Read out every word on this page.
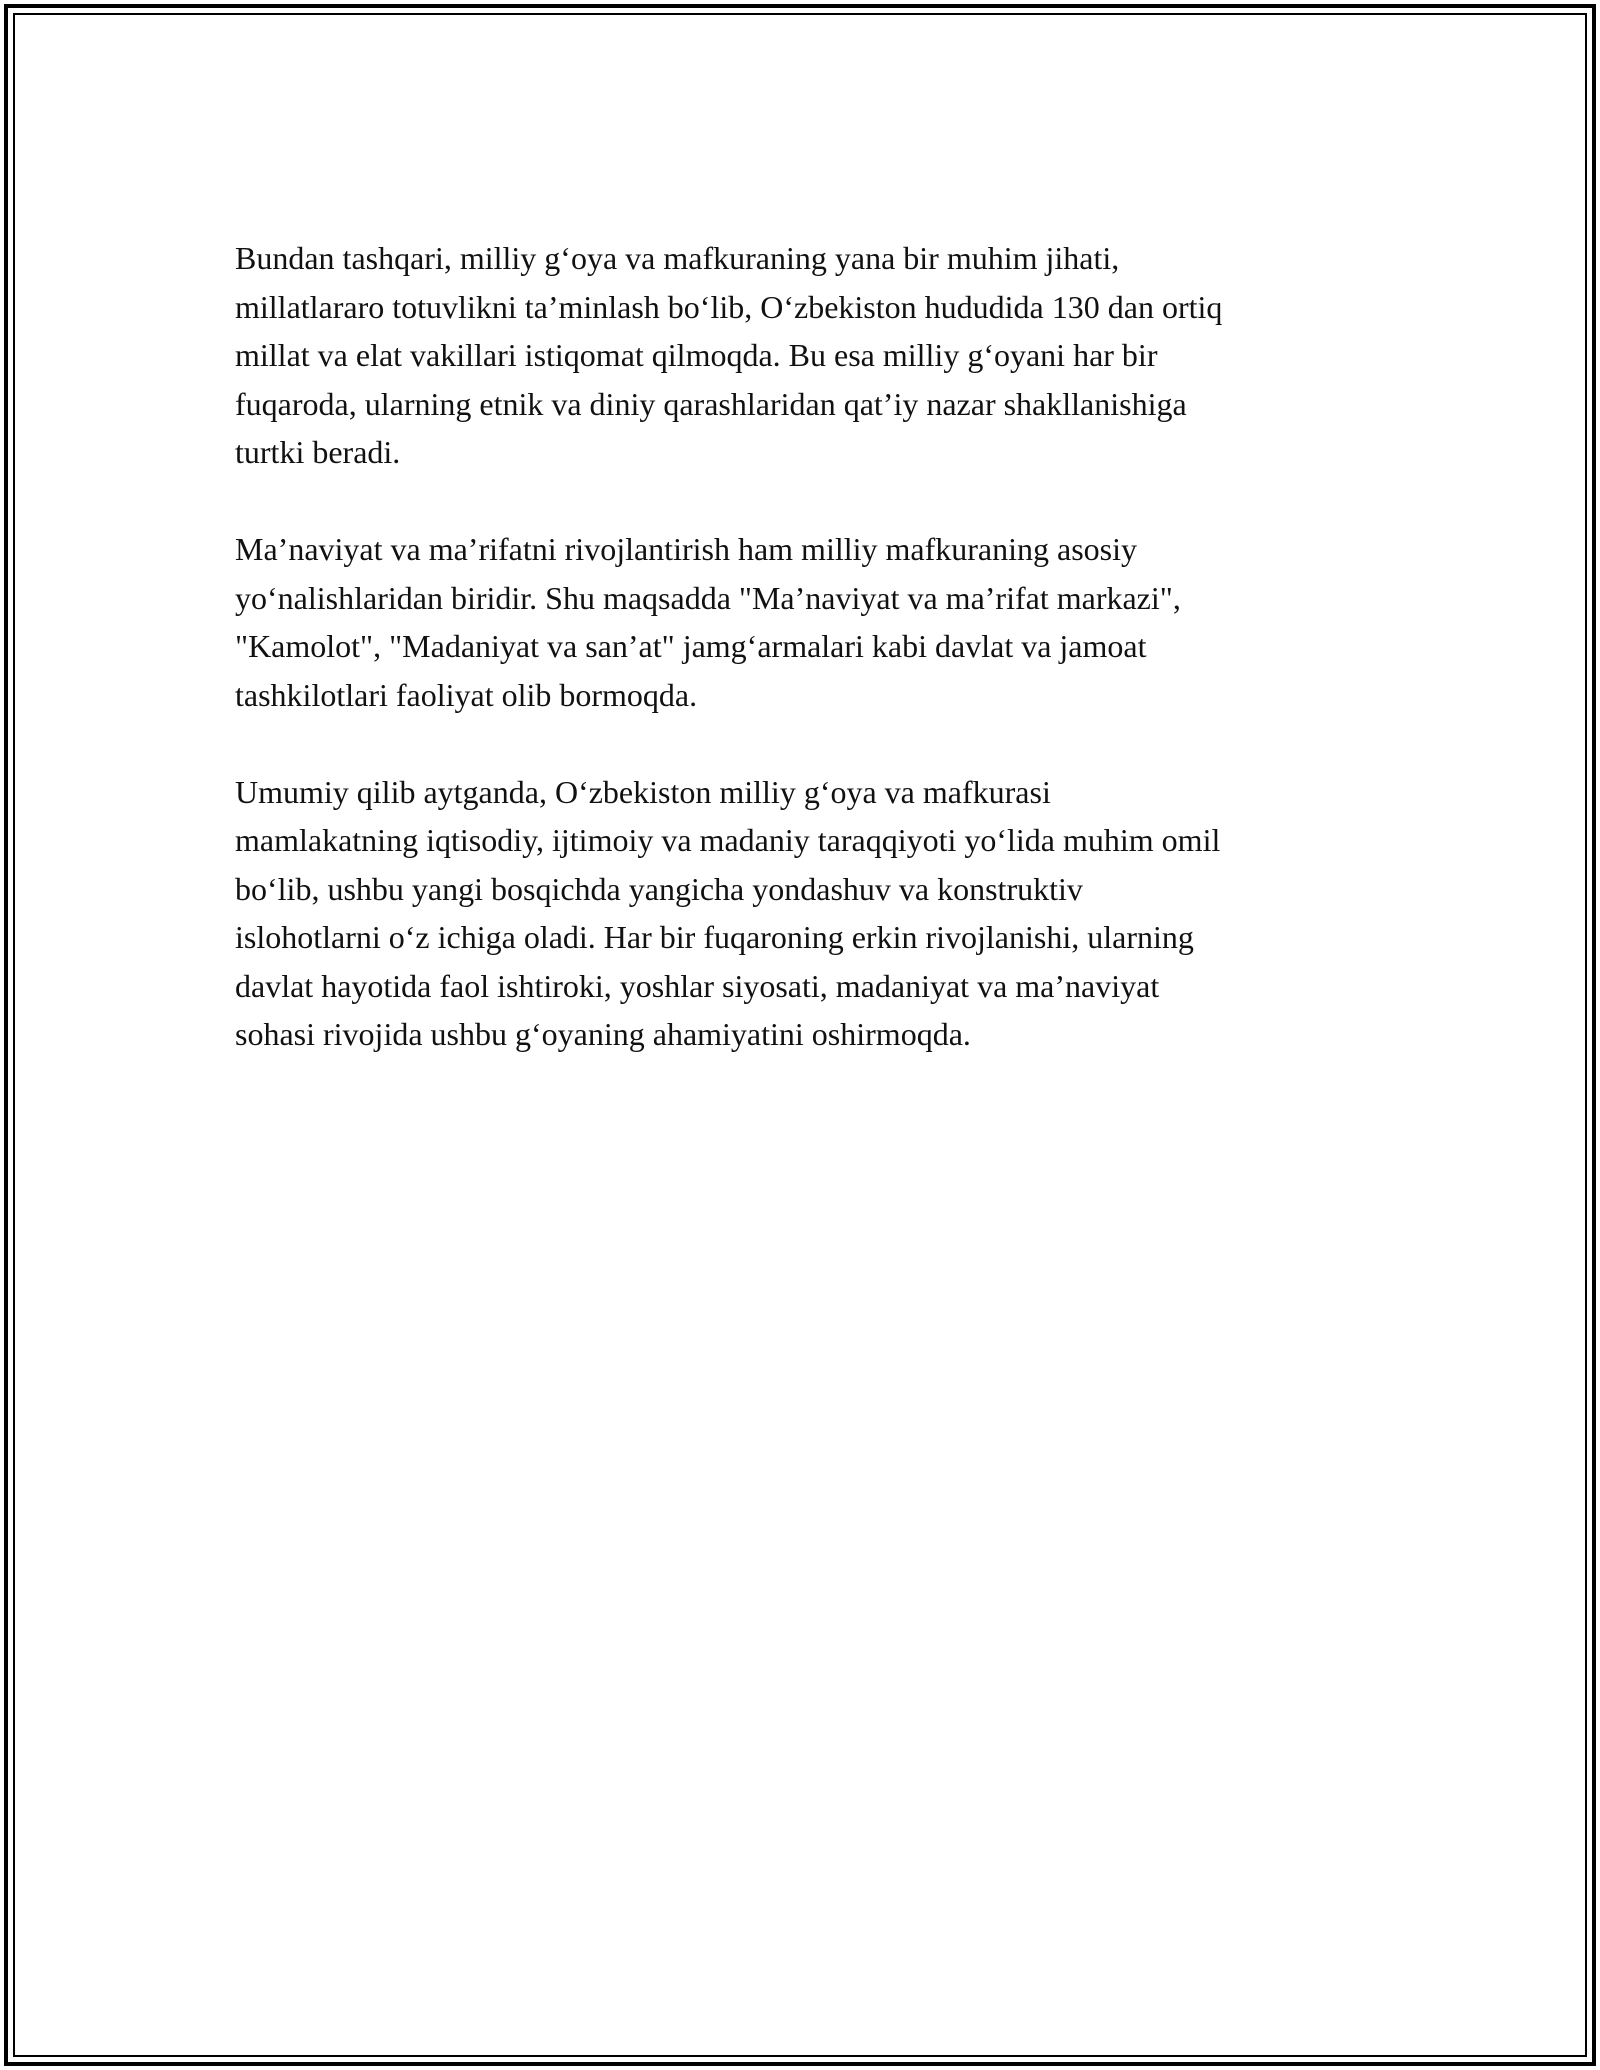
Bundan tashqari, milliy g‘oya va mafkuraning yana bir muhim jihati,
millatlararo totuvlikni ta’minlash bo‘lib, O‘zbekiston hududida 130 dan ortiq
millat va elat vakillari istiqomat qilmoqda. Bu esa milliy g‘oyani har bir
fuqaroda, ularning etnik va diniy qarashlaridan qat’iy nazar shakllanishiga
turtki beradi.

Ma’naviyat va ma’rifatni rivojlantirish ham milliy mafkuraning asosiy
yo‘nalishlaridan biridir. Shu maqsadda "Ma’naviyat va ma’rifat markazi",
"Kamolot", "Madaniyat va san’at" jamg‘armalari kabi davlat va jamoat
tashkilotlari faoliyat olib bormoqda.

Umumiy qilib aytganda, O‘zbekiston milliy g‘oya va mafkurasi
mamlakatning iqtisodiy, ijtimoiy va madaniy taraqqiyoti yo‘lida muhim omil
bo‘lib, ushbu yangi bosqichda yangicha yondashuv va konstruktiv
islohotlarni o‘z ichiga oladi. Har bir fuqaroning erkin rivojlanishi, ularning
davlat hayotida faol ishtiroki, yoshlar siyosati, madaniyat va ma’naviyat
sohasi rivojida ushbu g‘oyaning ahamiyatini oshirmoqda.
